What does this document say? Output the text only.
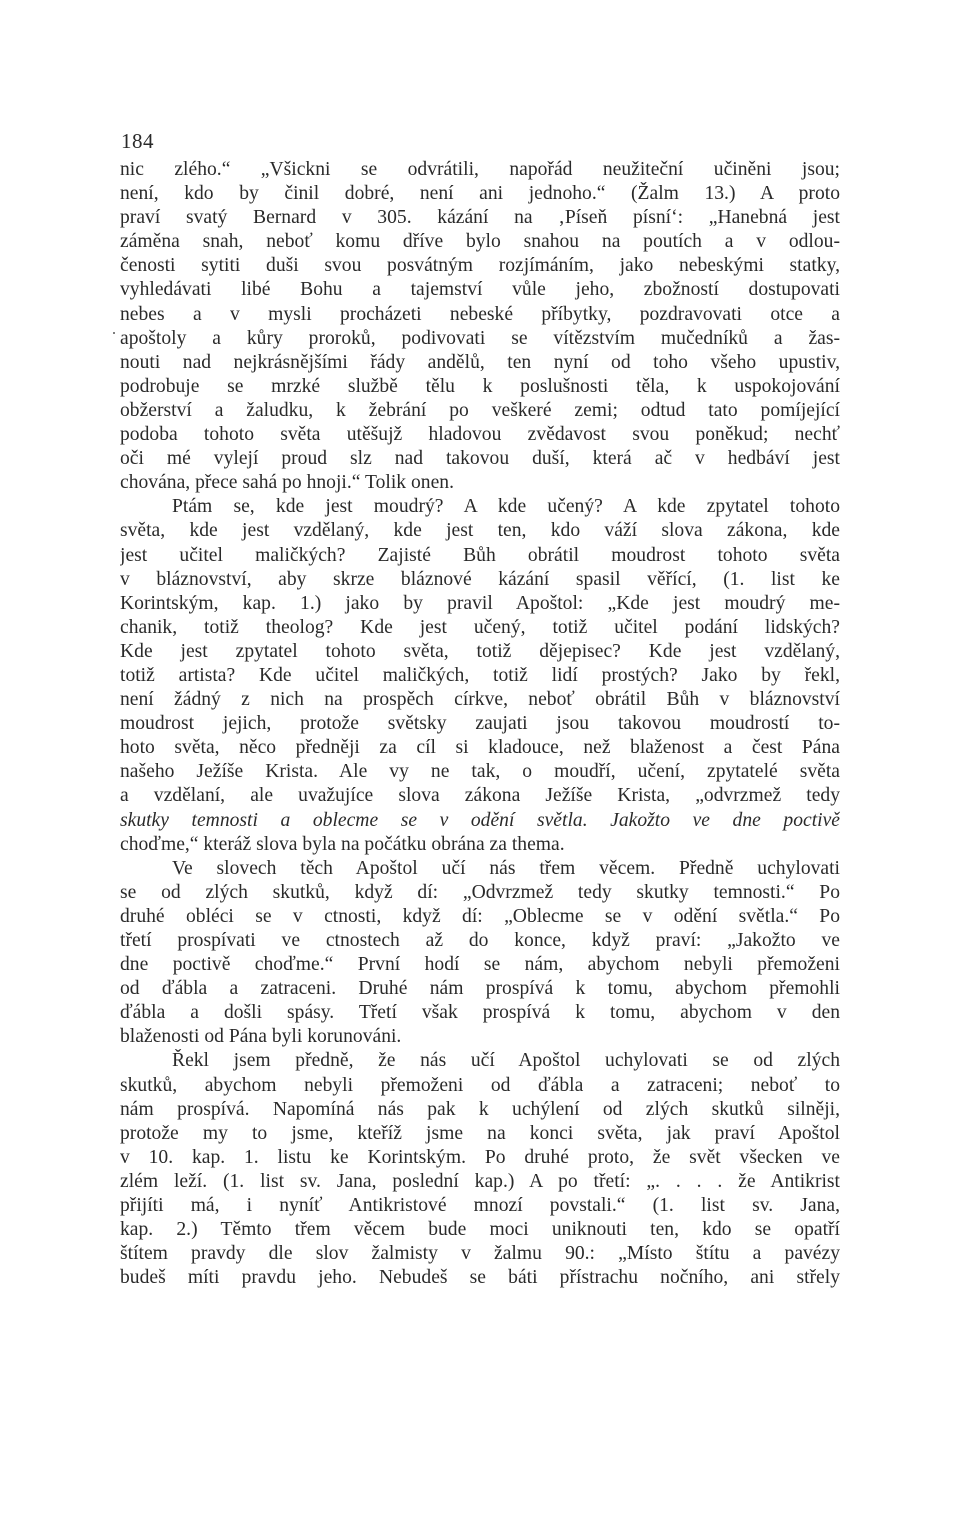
184
nic zlého.“ „Všickni se odvrátili, napořád neužiteční učiněni jsou;
není, kdo by činil dobré, není ani jednoho.“ (Žalm 13.) A proto
praví svatý Bernard v 305. kázání na ‚Píseň písní‘: „Hanebná jest
záměna snah, neboť komu dříve bylo snahou na poutích a v odlou-
čenosti sytiti duši svou posvátným rozjímáním, jako nebeskými statky,
vyhledávati libé Bohu a tajemství vůle jeho, zbožností dostupovati
nebes a v mysli procházeti nebeské příbytky, pozdravovati otce a
apoštoly a kůry proroků, podivovati se vítězstvím mučedníků a žas-
nouti nad nejkrásnějšími řády andělů, ten nyní od toho všeho upustiv,
podrobuje se mrzké službě tělu k poslušnosti těla, k uspokojování
obžerství a žaludku, k žebrání po veškeré zemi; odtud tato pomíjející
podoba tohoto světa utěšujž hladovou zvědavost svou poněkud; nechť
oči mé vylejí proud slz nad takovou duší, která ač v hedbáví jest
chována, přece sahá po hnoji.“ Tolik onen.
Ptám se, kde jest moudrý? A kde učený? A kde zpytatel tohoto
světa, kde jest vzdělaný, kde jest ten, kdo váží slova zákona, kde
jest učitel maličkých? Zajisté Bůh obrátil moudrost tohoto světa
v bláznovství, aby skrze bláznové kázání spasil věřící, (1. list ke
Korintským, kap. 1.) jako by pravil Apoštol: „Kde jest moudrý me-
chanik, totiž theolog? Kde jest učený, totiž učitel podání lidských?
Kde jest zpytatel tohoto světa, totiž dějepisec? Kde jest vzdělaný,
totiž artista? Kde učitel maličkých, totiž lidí prostých? Jako by řekl,
není žádný z nich na prospěch církve, neboť obrátil Bůh v bláznovství
moudrost jejich, protože světsky zaujati jsou takovou moudrostí to-
hoto světa, něco předněji za cíl si kladouce, než blaženost a čest Pána
našeho Ježíše Krista. Ale vy ne tak, o moudří, učení, zpytatelé světa
a vzdělaní, ale uvažujíce slova zákona Ježíše Krista, „odvrzmež tedy
skutky temnosti a oblecme se v odění světla. Jakožto ve dne poctivě
choďme,“ kteráž slova byla na počátku obrána za themа.
Ve slovech těch Apoštol učí nás třem věcem. Předně uchylovati
se od zlých skutků, když dí: „Odvrzmež tedy skutky temnosti.“ Po
druhé obléci se v ctnosti, když dí: „Oblecme se v odění světla.“ Po
třetí prospívati ve ctnostech až do konce, když praví: „Jakožto ve
dne poctivě choďme.“ První hodí se nám, abychom nebyli přemoženi
od ďábla a zatraceni. Druhé nám prospívá k tomu, abychom přemohli
ďábla a došli spásy. Třetí však prospívá k tomu, abychom v den
blaženosti od Pána byli korunováni.
Řekl jsem předně, že nás učí Apoštol uchylovati se od zlých
skutků, abychom nebyli přemoženi od ďábla a zatraceni; neboť to
nám prospívá. Napomíná nás pak k uchýlení od zlých skutků silněji,
protože my to jsme, kteříž jsme na konci světa, jak praví Apoštol
v 10. kap. 1. listu ke Korintským. Po druhé proto, že svět všecken ve
zlém leží. (1. list sv. Jana, poslední kap.) A po třetí: „. . . . že Antikrist
přijíti má, i nyníť Antikristové mnozí povstali.“ (1. list sv. Jana,
kap. 2.) Těmto třem věcem bude moci uniknouti ten, kdo se opatří
štítem pravdy dle slov žalmisty v žalmu 90.: „Místo štítu a pavézy
budeš míti pravdu jeho. Nebudeš se báti přístrachu nočního, ani střely
